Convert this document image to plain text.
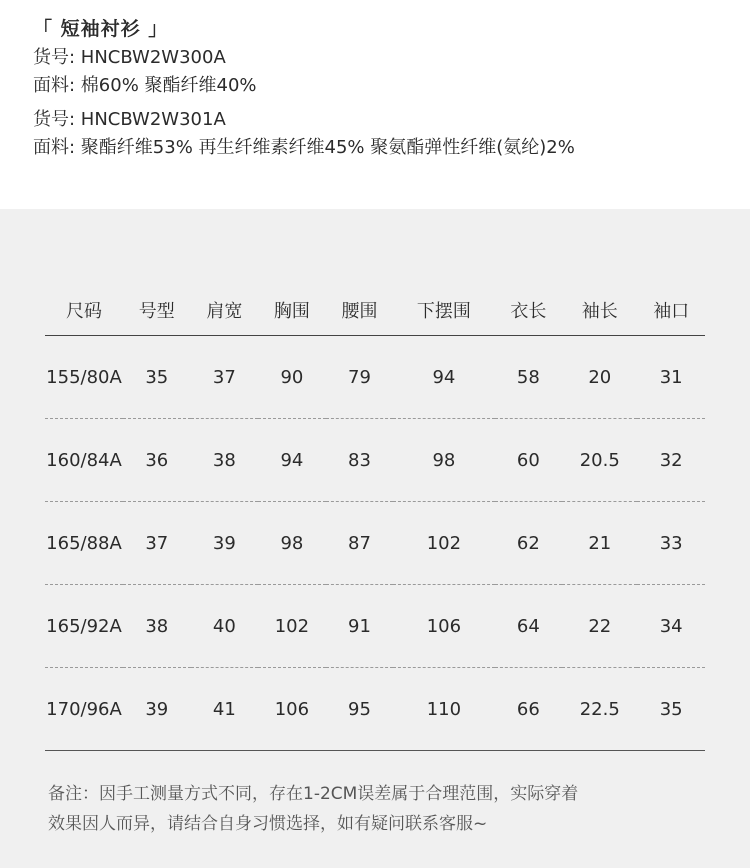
「 短袖衬衫 」
货号: HNCBW2W300A
面料: 棉60% 聚酯纤维40%
货号: HNCBW2W301A
面料: 聚酯纤维53% 再生纤维素纤维45% 聚氨酯弹性纤维(氨纶)2%
尺码	号型	肩宽	胸围	腰围	下摆围	衣长	袖长	袖口
155/80A	35	37	90	79	94	58	20	31
160/84A	36	38	94	83	98	60	20.5	32
165/88A	37	39	98	87	102	62	21	33
165/92A	38	40	102	91	106	64	22	34
170/96A	39	41	106	95	110	66	22.5	35
备注：因手工测量方式不同，存在1-2CM误差属于合理范围，实际穿着
效果因人而异，请结合自身习惯选择，如有疑问联系客服~
